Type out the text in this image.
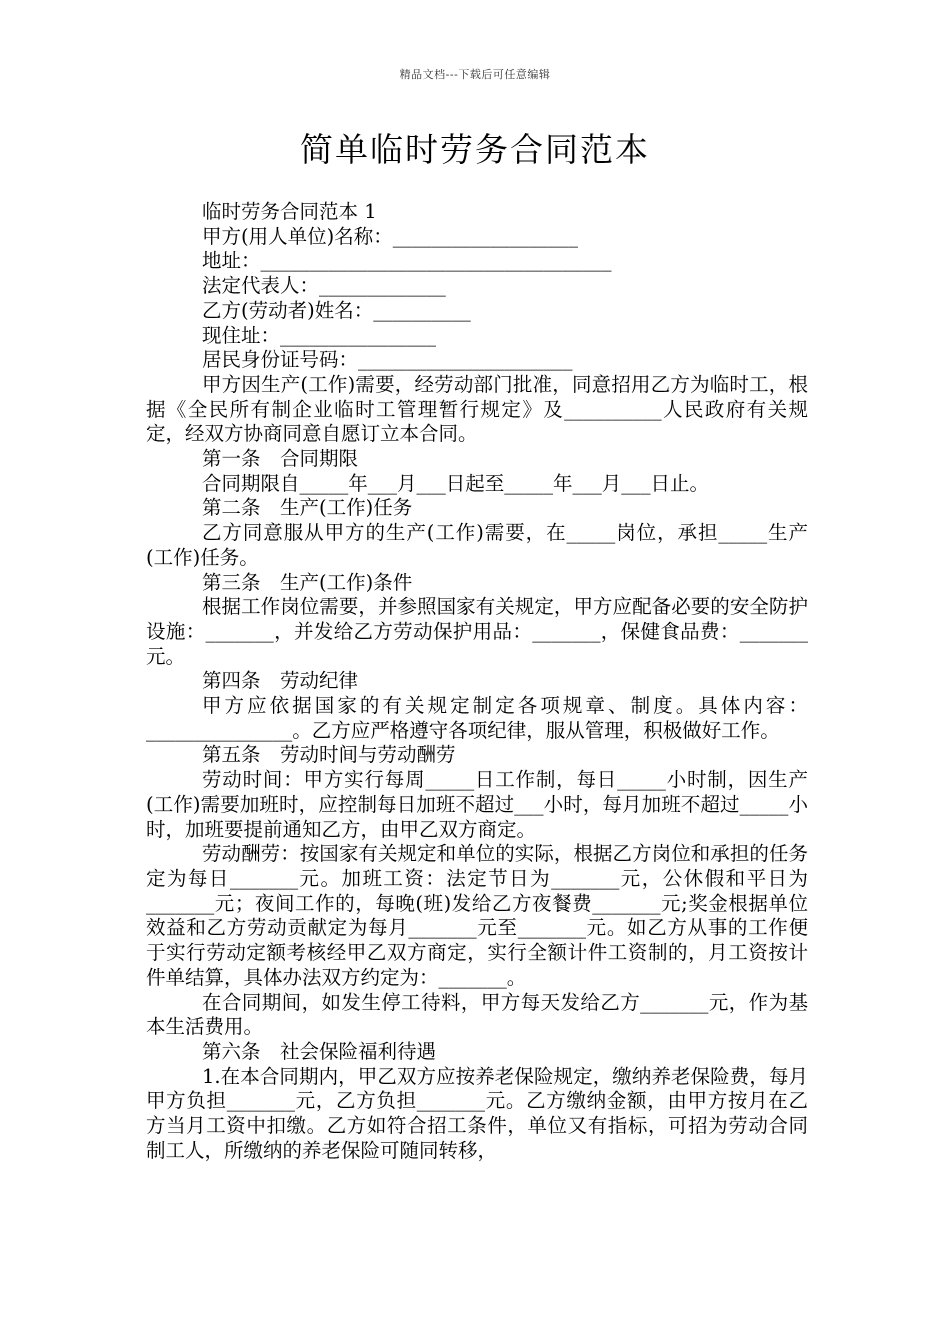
精品文档---下载后可任意编辑
简单临时劳务合同范本

临时劳务合同范本 1

甲方(用人单位)名称：___________________

地址：____________________________________

法定代表人：_____________

乙方(劳动者)姓名：__________

现住址：________________

居民身份证号码：______________________

甲方因生产(工作)需要，经劳动部门批准，同意招用乙方为临时工，根据《全民所有制企业临时工管理暂行规定》及__________人民政府有关规定，经双方协商同意自愿订立本合同。

第一条　合同期限

合同期限自_____年___月___日起至_____年___月___日止。

第二条　生产(工作)任务

乙方同意服从甲方的生产(工作)需要，在_____岗位，承担_____生产(工作)任务。

第三条　生产(工作)条件

根据工作岗位需要，并参照国家有关规定，甲方应配备必要的安全防护设施：_______，并发给乙方劳动保护用品：_______，保健食品费：_______元。

第四条　劳动纪律

甲方应依据国家的有关规定制定各项规章、制度。具体内容：_______________。乙方应严格遵守各项纪律，服从管理，积极做好工作。

第五条　劳动时间与劳动酬劳

劳动时间：甲方实行每周_____日工作制，每日_____小时制，因生产(工作)需要加班时，应控制每日加班不超过___小时，每月加班不超过_____小时，加班要提前通知乙方，由甲乙双方商定。

劳动酬劳：按国家有关规定和单位的实际，根据乙方岗位和承担的任务定为每日_______元。加班工资：法定节日为_______元，公休假和平日为_______元；夜间工作的，每晚(班)发给乙方夜餐费_______元;奖金根据单位效益和乙方劳动贡献定为每月_______元至_______元。如乙方从事的工作便于实行劳动定额考核经甲乙双方商定，实行全额计件工资制的，月工资按计件单结算，具体办法双方约定为：_______。

在合同期间，如发生停工待料，甲方每天发给乙方_______元，作为基本生活费用。

第六条　社会保险福利待遇

1.在本合同期内，甲乙双方应按养老保险规定，缴纳养老保险费，每月甲方负担_______元，乙方负担_______元。乙方缴纳金额，由甲方按月在乙方当月工资中扣缴。乙方如符合招工条件，单位又有指标，可招为劳动合同制工人，所缴纳的养老保险可随同转移，
